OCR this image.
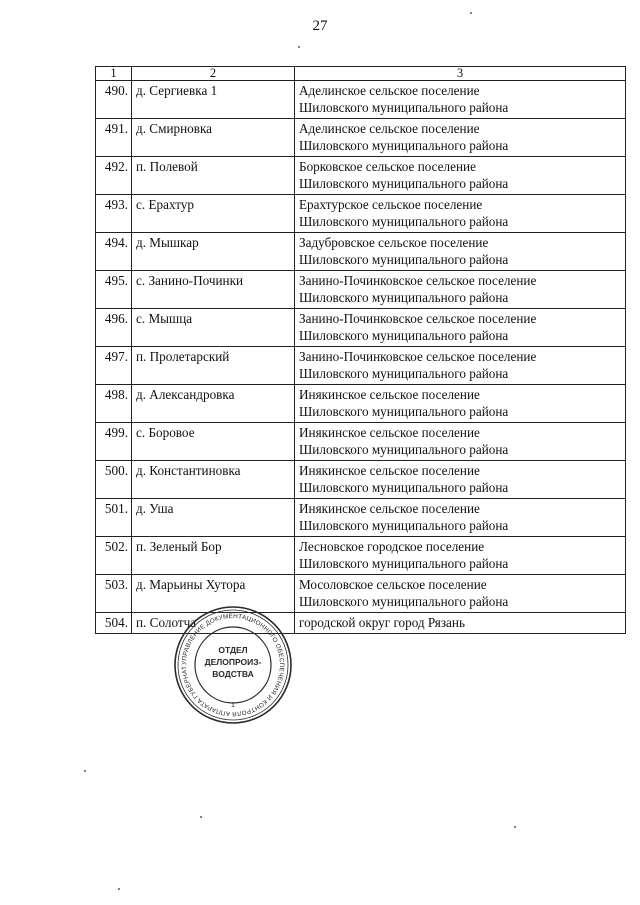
27
1	2	3
490.	д. Сергиевка 1	Аделинское сельское поселение
Шиловского муниципального района

491.	д. Смирновка	Аделинское сельское поселение
Шиловского муниципального района

492.	п. Полевой	Борковское сельское поселение
Шиловского муниципального района

493.	с. Ерахтур	Ерахтурское сельское поселение
Шиловского муниципального района

494.	д. Мышкар	Задубровское сельское поселение
Шиловского муниципального района

495.	с. Занино-Починки	Занино-Починковское сельское поселение
Шиловского муниципального района

496.	с. Мышца	Занино-Починковское сельское поселение
Шиловского муниципального района

497.	п. Пролетарский	Занино-Починковское сельское поселение
Шиловского муниципального района

498.	д. Александровка	Инякинское сельское поселение
Шиловского муниципального района

499.	с. Боровое	Инякинское сельское поселение
Шиловского муниципального района

500.	д. Константиновка	Инякинское сельское поселение
Шиловского муниципального района

501.	д. Уша	Инякинское сельское поселение
Шиловского муниципального района

502.	п. Зеленый Бор	Лесновское городское поселение
Шиловского муниципального района

503.	д. Марьины Хутора	Мосоловское сельское поселение
Шиловского муниципального района

504.	п. Солотча	городской округ город Рязань
УПРАВЛЕНИЕ ДОКУМЕНТАЦИОННОГО ОБЕСПЕЧЕНИЯ И КОНТРОЛЯ АППАРАТА ГУБЕРНАТ
ОТДЕЛ
ДЕЛОПРОИЗ-
ВОДСТВА
1
